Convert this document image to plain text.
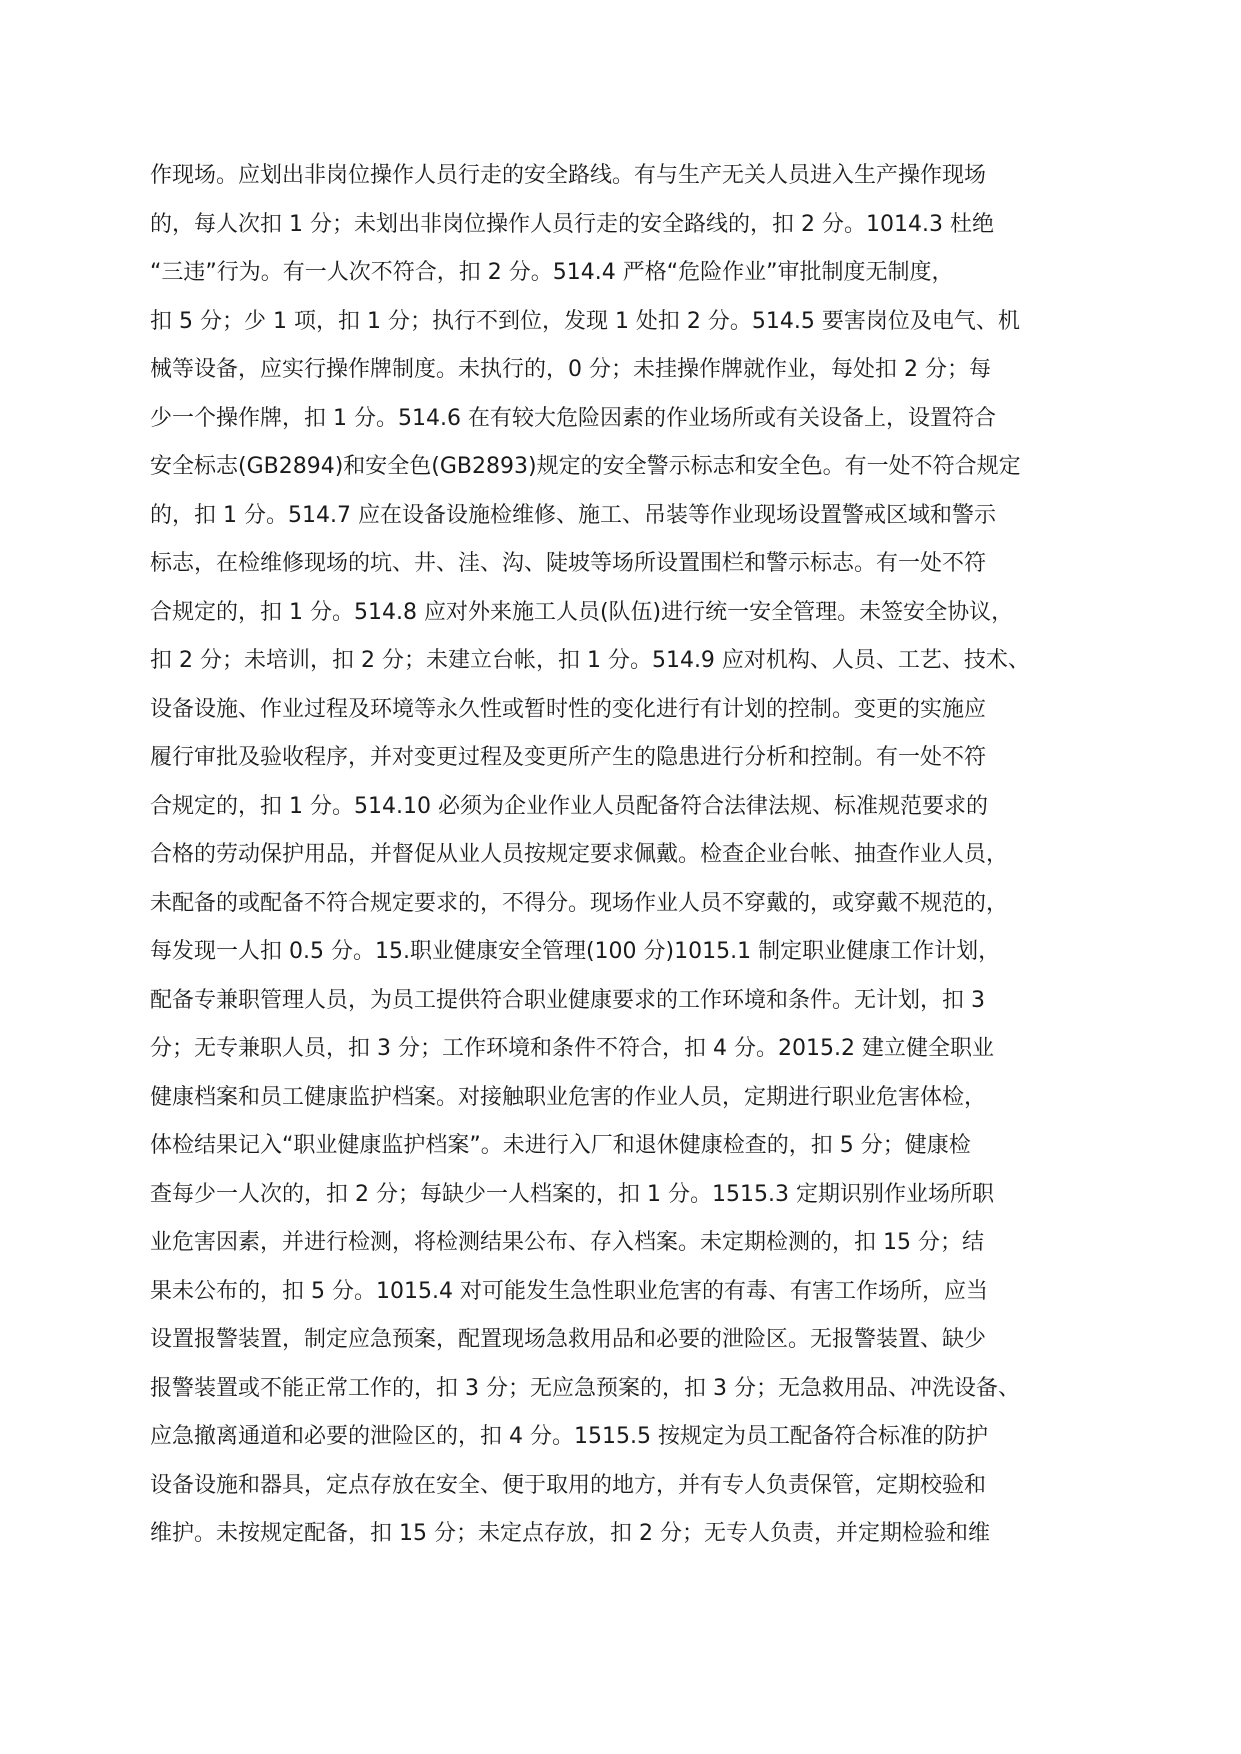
作现场。应划出非岗位操作人员行走的安全路线。有与生产无关人员进入生产操作现场
的，每人次扣 1 分；未划出非岗位操作人员行走的安全路线的，扣 2 分。1014.3 杜绝
“三违”行为。有一人次不符合，扣 2 分。514.4 严格“危险作业”审批制度无制度，
扣 5 分；少 1 项，扣 1 分；执行不到位，发现 1 处扣 2 分。514.5 要害岗位及电气、机
械等设备，应实行操作牌制度。未执行的，0 分；未挂操作牌就作业，每处扣 2 分；每
少一个操作牌，扣 1 分。514.6 在有较大危险因素的作业场所或有关设备上，设置符合
安全标志(GB2894)和安全色(GB2893)规定的安全警示标志和安全色。有一处不符合规定
的，扣 1 分。514.7 应在设备设施检维修、施工、吊装等作业现场设置警戒区域和警示
标志，在检维修现场的坑、井、洼、沟、陡坡等场所设置围栏和警示标志。有一处不符
合规定的，扣 1 分。514.8 应对外来施工人员(队伍)进行统一安全管理。未签安全协议，
扣 2 分；未培训，扣 2 分；未建立台帐，扣 1 分。514.9 应对机构、人员、工艺、技术、
设备设施、作业过程及环境等永久性或暂时性的变化进行有计划的控制。变更的实施应
履行审批及验收程序，并对变更过程及变更所产生的隐患进行分析和控制。有一处不符
合规定的，扣 1 分。514.10 必须为企业作业人员配备符合法律法规、标准规范要求的
合格的劳动保护用品，并督促从业人员按规定要求佩戴。检查企业台帐、抽查作业人员，
未配备的或配备不符合规定要求的，不得分。现场作业人员不穿戴的，或穿戴不规范的，
每发现一人扣 0.5 分。15.职业健康安全管理(100 分)1015.1 制定职业健康工作计划，
配备专兼职管理人员，为员工提供符合职业健康要求的工作环境和条件。无计划，扣 3
分；无专兼职人员，扣 3 分；工作环境和条件不符合，扣 4 分。2015.2 建立健全职业
健康档案和员工健康监护档案。对接触职业危害的作业人员，定期进行职业危害体检，
体检结果记入“职业健康监护档案”。未进行入厂和退休健康检查的，扣 5 分；健康检
查每少一人次的，扣 2 分；每缺少一人档案的，扣 1 分。1515.3 定期识别作业场所职
业危害因素，并进行检测，将检测结果公布、存入档案。未定期检测的，扣 15 分；结
果未公布的，扣 5 分。1015.4 对可能发生急性职业危害的有毒、有害工作场所，应当
设置报警装置，制定应急预案，配置现场急救用品和必要的泄险区。无报警装置、缺少
报警装置或不能正常工作的，扣 3 分；无应急预案的，扣 3 分；无急救用品、冲洗设备、
应急撤离通道和必要的泄险区的，扣 4 分。1515.5 按规定为员工配备符合标准的防护
设备设施和器具，定点存放在安全、便于取用的地方，并有专人负责保管，定期校验和
维护。未按规定配备，扣 15 分；未定点存放，扣 2 分；无专人负责，并定期检验和维
